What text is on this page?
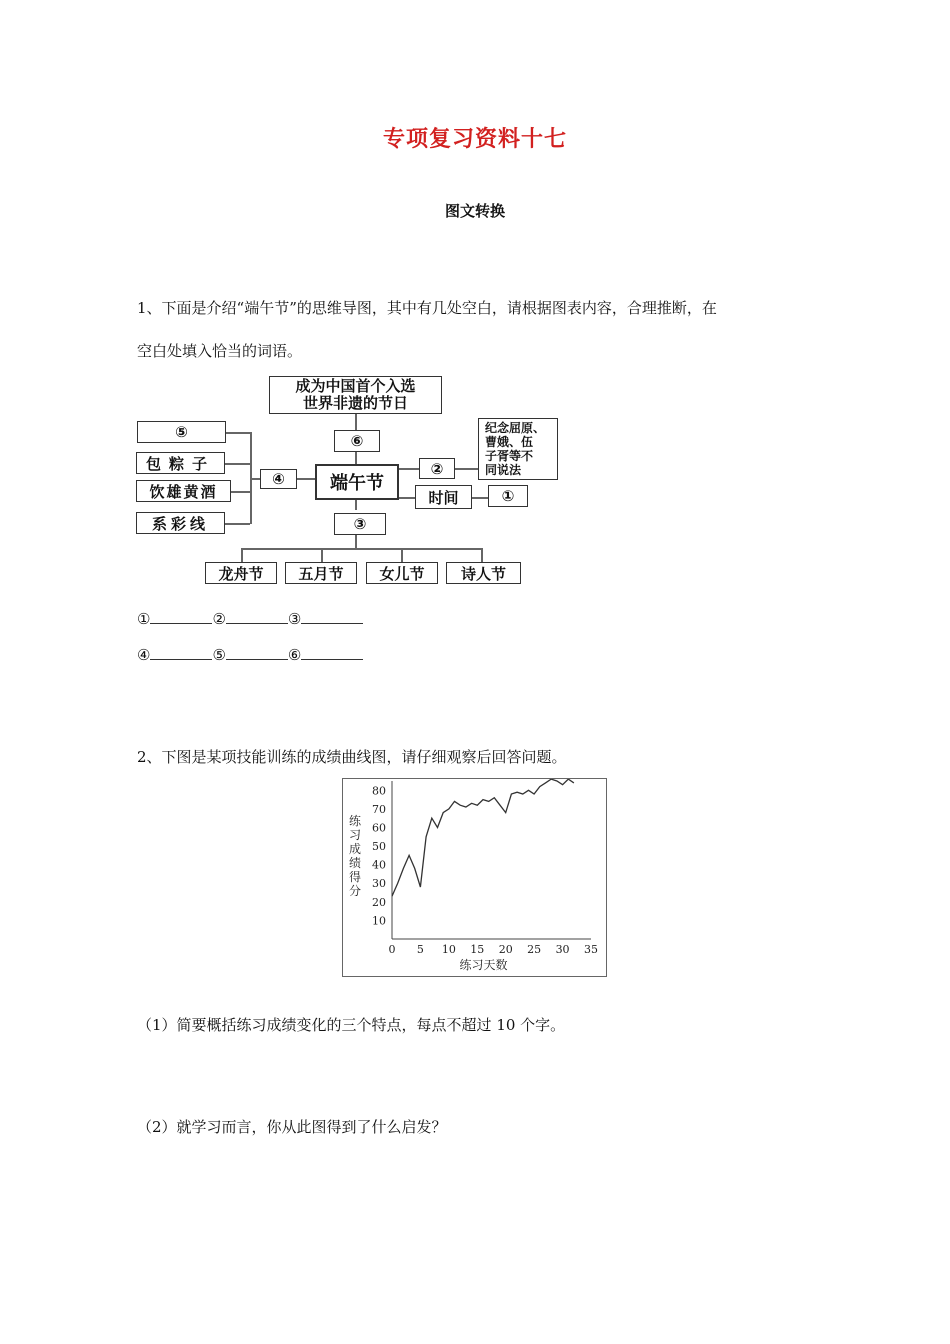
专项复习资料十七
图文转换
1、下面是介绍“端午节”的思维导图，其中有几处空白，请根据图表内容，合理推断，在
空白处填入恰当的词语。
成为中国首个入选
世界非遗的节日
⑥
⑤
包粽子
饮雄黄酒
系彩线
④	端午节
②
纪念屈原、
曹娥、伍
子胥等不
同说法
时间	①
③
龙舟节	五月节	女儿节	诗人节
①	②	③
④	⑤	⑥
2、下图是某项技能训练的成绩曲线图，请仔细观察后回答问题。
10
20
30
40
50
60
70
80
0 5 10 15 20 25 30 35
练习天数
练
习
成
绩
得
分
（1）简要概括练习成绩变化的三个特点，每点不超过 10 个字。
（2）就学习而言，你从此图得到了什么启发？
